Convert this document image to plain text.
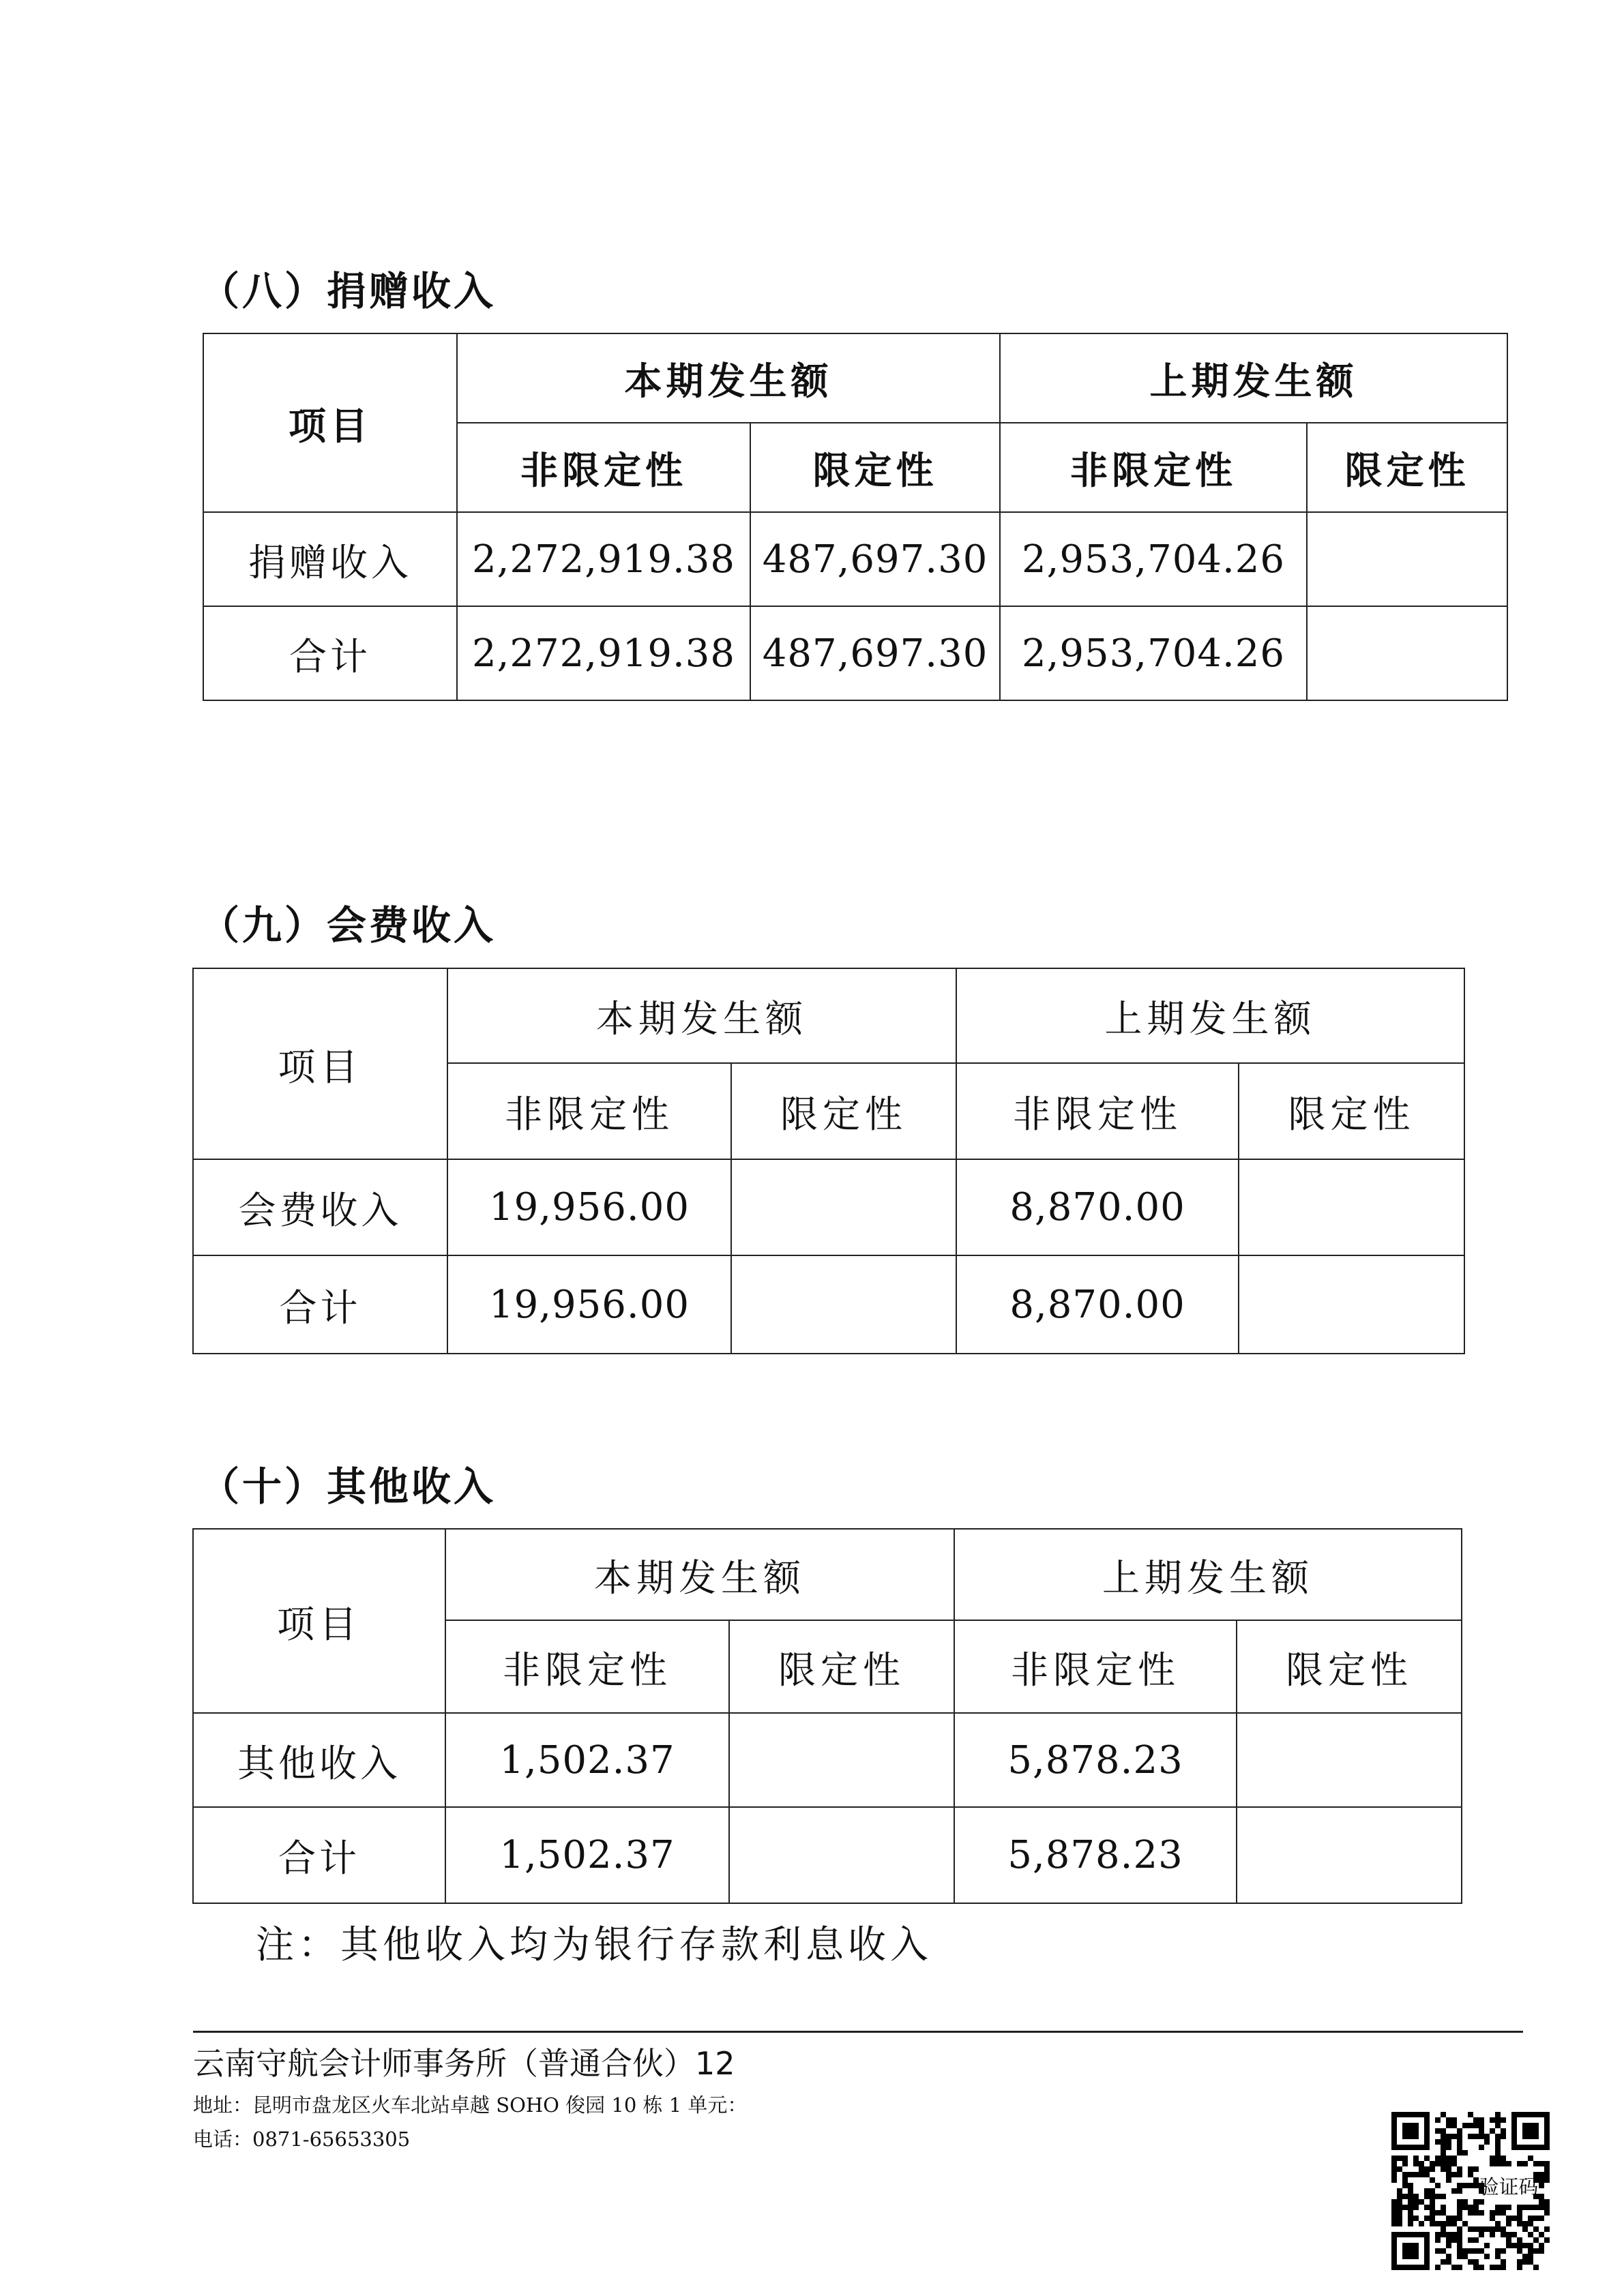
（八）捐赠收入
项目	本期发生额		上期发生额	
	非限定性	限定性	非限定性	限定性
捐赠收入	2,272,919.38	487,697.30	2,953,704.26	
合计	2,272,919.38	487,697.30	2,953,704.26	
（九）会费收入
项目	本期发生额		上期发生额	
	非限定性	限定性	非限定性	限定性
会费收入	19,956.00		8,870.00	
合计	19,956.00		8,870.00	
（十）其他收入
项目	本期发生额		上期发生额	
	非限定性	限定性	非限定性	限定性
其他收入	1,502.37		5,878.23	
合计	1,502.37		5,878.23	

注：其他收入均为银行存款利息收入

云南守航会计师事务所（普通合伙）12

地址：昆明市盘龙区火车北站卓越 SOHO 俊园 10 栋 1 单元：

电话：0871-65653305

验证码
